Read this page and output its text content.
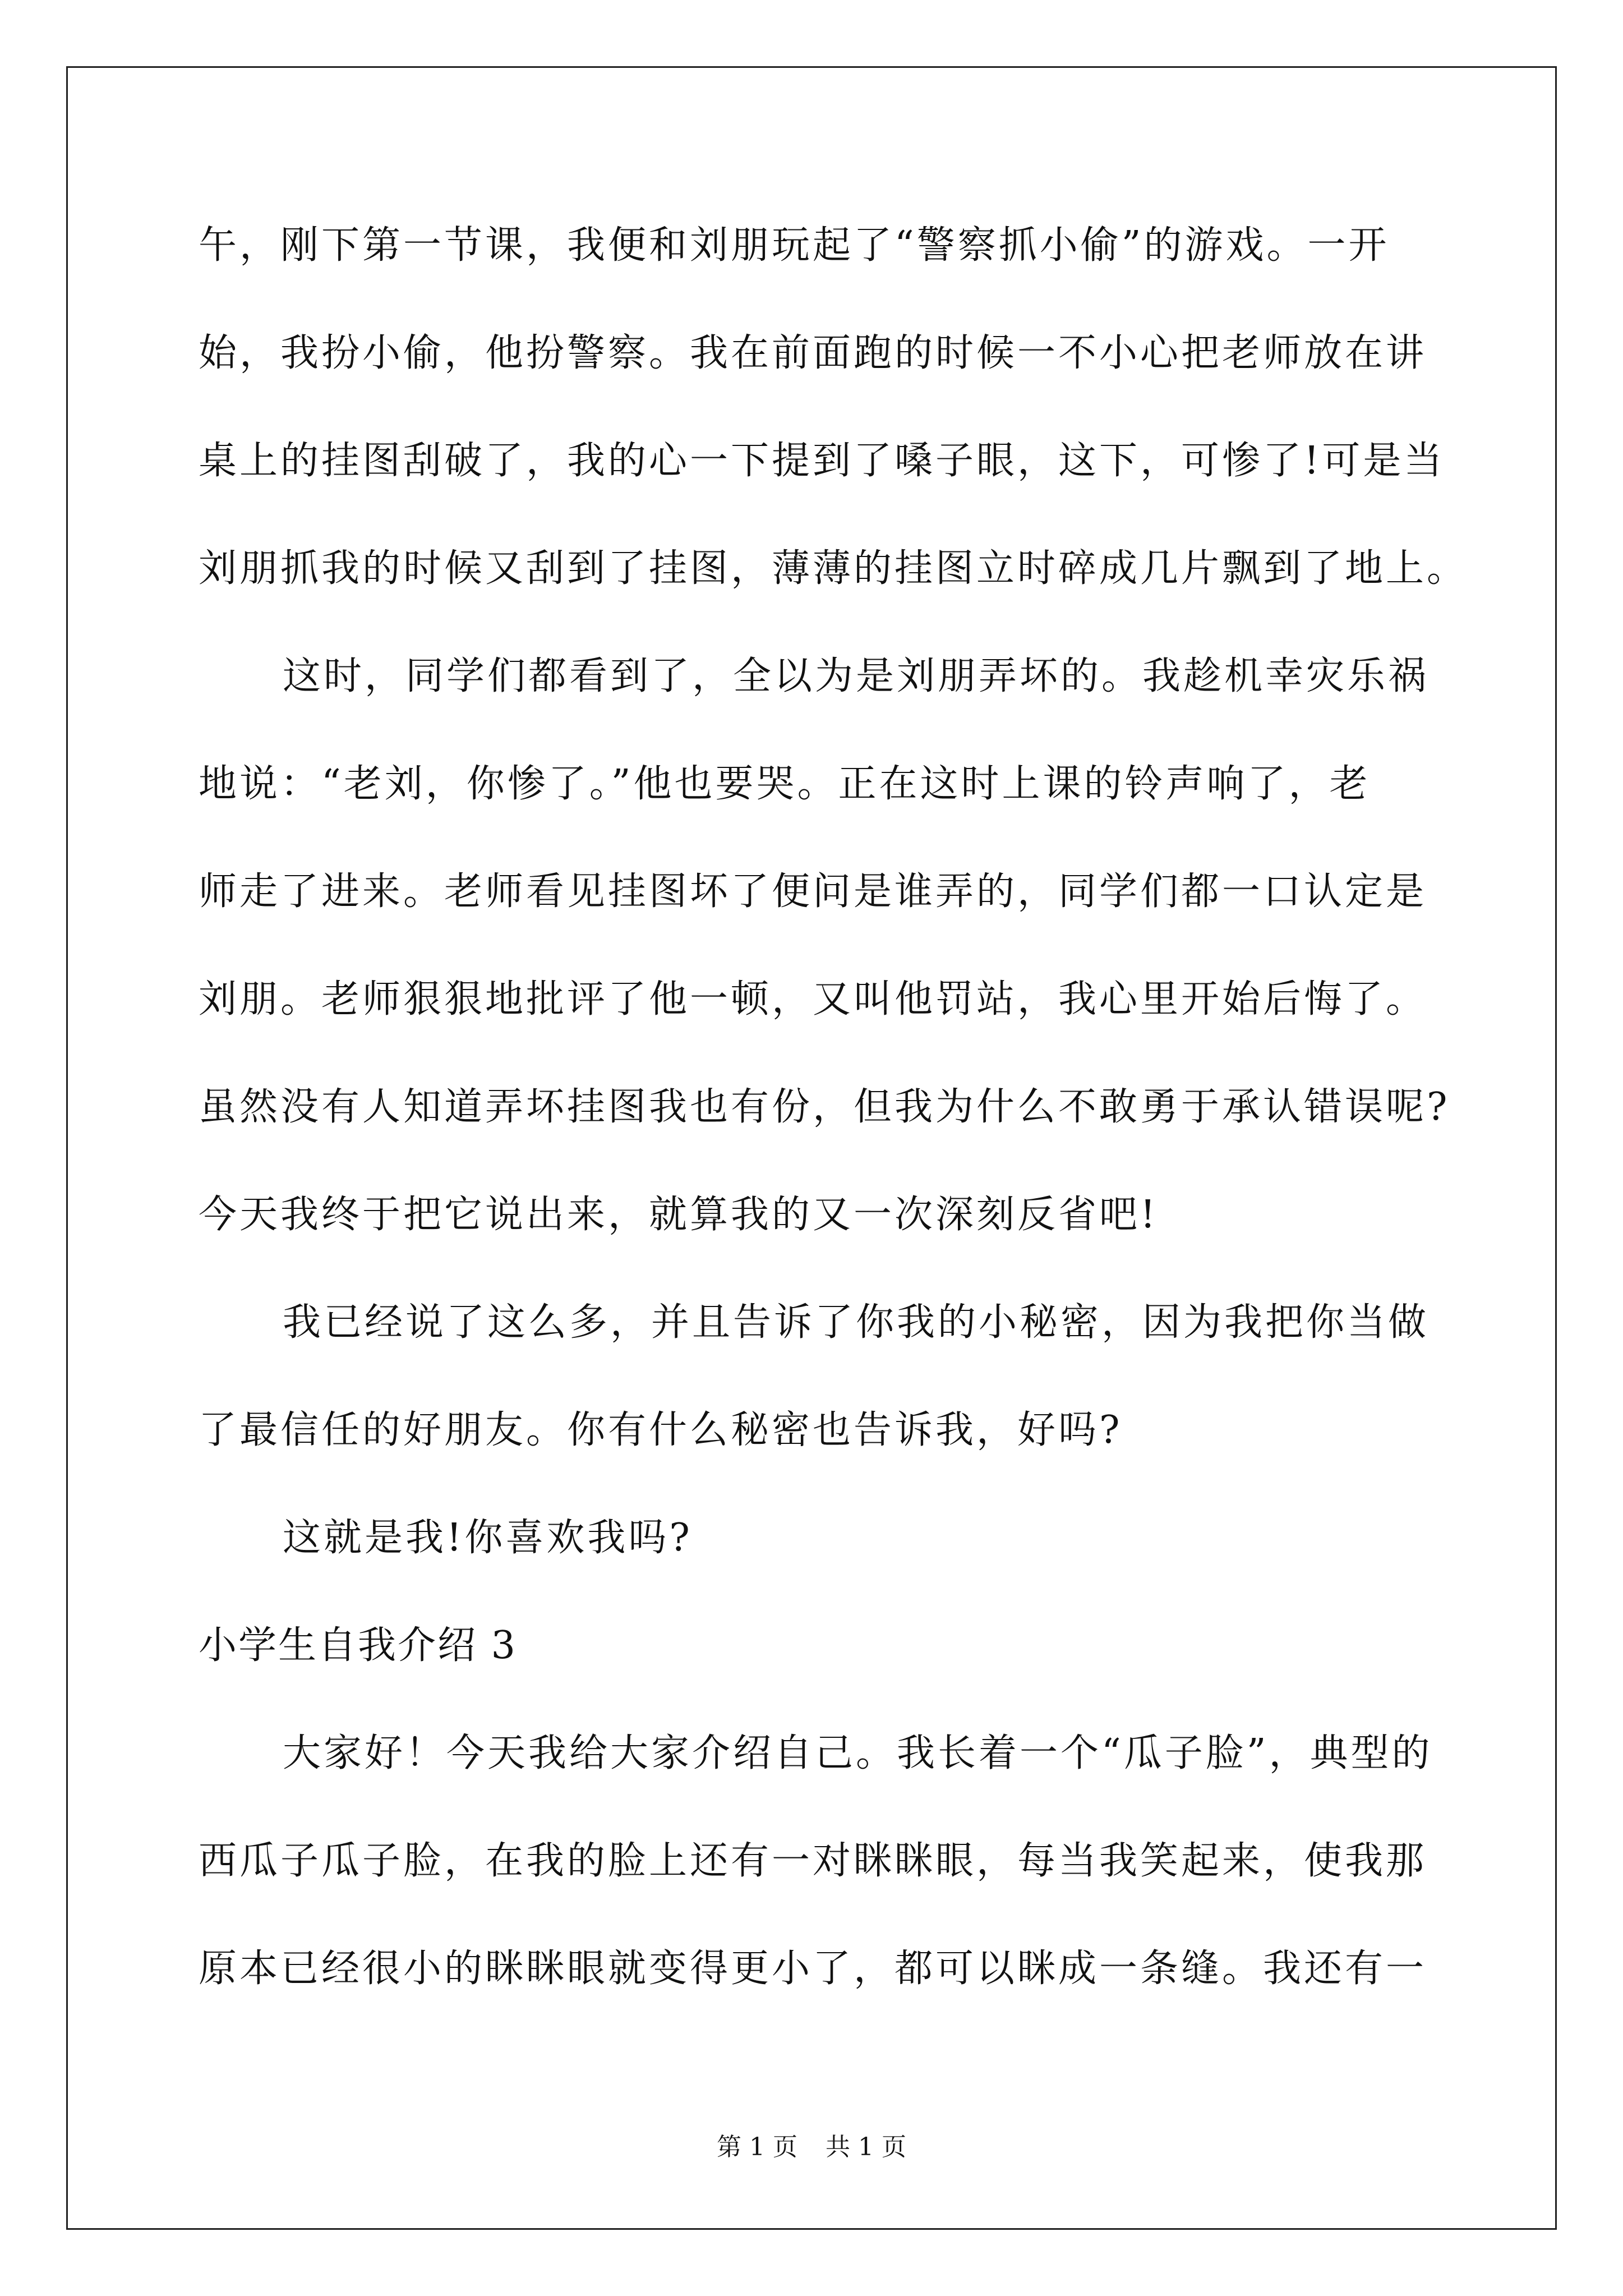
午，刚下第一节课，我便和刘朋玩起了“警察抓小偷”的游戏。一开
始，我扮小偷，他扮警察。我在前面跑的时候一不小心把老师放在讲
桌上的挂图刮破了，我的心一下提到了嗓子眼，这下，可惨了!可是当
刘朋抓我的时候又刮到了挂图，薄薄的挂图立时碎成几片飘到了地上。
这时，同学们都看到了，全以为是刘朋弄坏的。我趁机幸灾乐祸
地说：“老刘，你惨了。”他也要哭。正在这时上课的铃声响了，老
师走了进来。老师看见挂图坏了便问是谁弄的，同学们都一口认定是
刘朋。老师狠狠地批评了他一顿，又叫他罚站，我心里开始后悔了。
虽然没有人知道弄坏挂图我也有份，但我为什么不敢勇于承认错误呢?
今天我终于把它说出来，就算我的又一次深刻反省吧!
我已经说了这么多，并且告诉了你我的小秘密，因为我把你当做
了最信任的好朋友。你有什么秘密也告诉我，好吗?
这就是我!你喜欢我吗?
小学生自我介绍 3
大家好！今天我给大家介绍自己。我长着一个“瓜子脸”，典型的
西瓜子瓜子脸，在我的脸上还有一对眯眯眼，每当我笑起来，使我那
原本已经很小的眯眯眼就变得更小了，都可以眯成一条缝。我还有一
第 1 页 共 1 页
